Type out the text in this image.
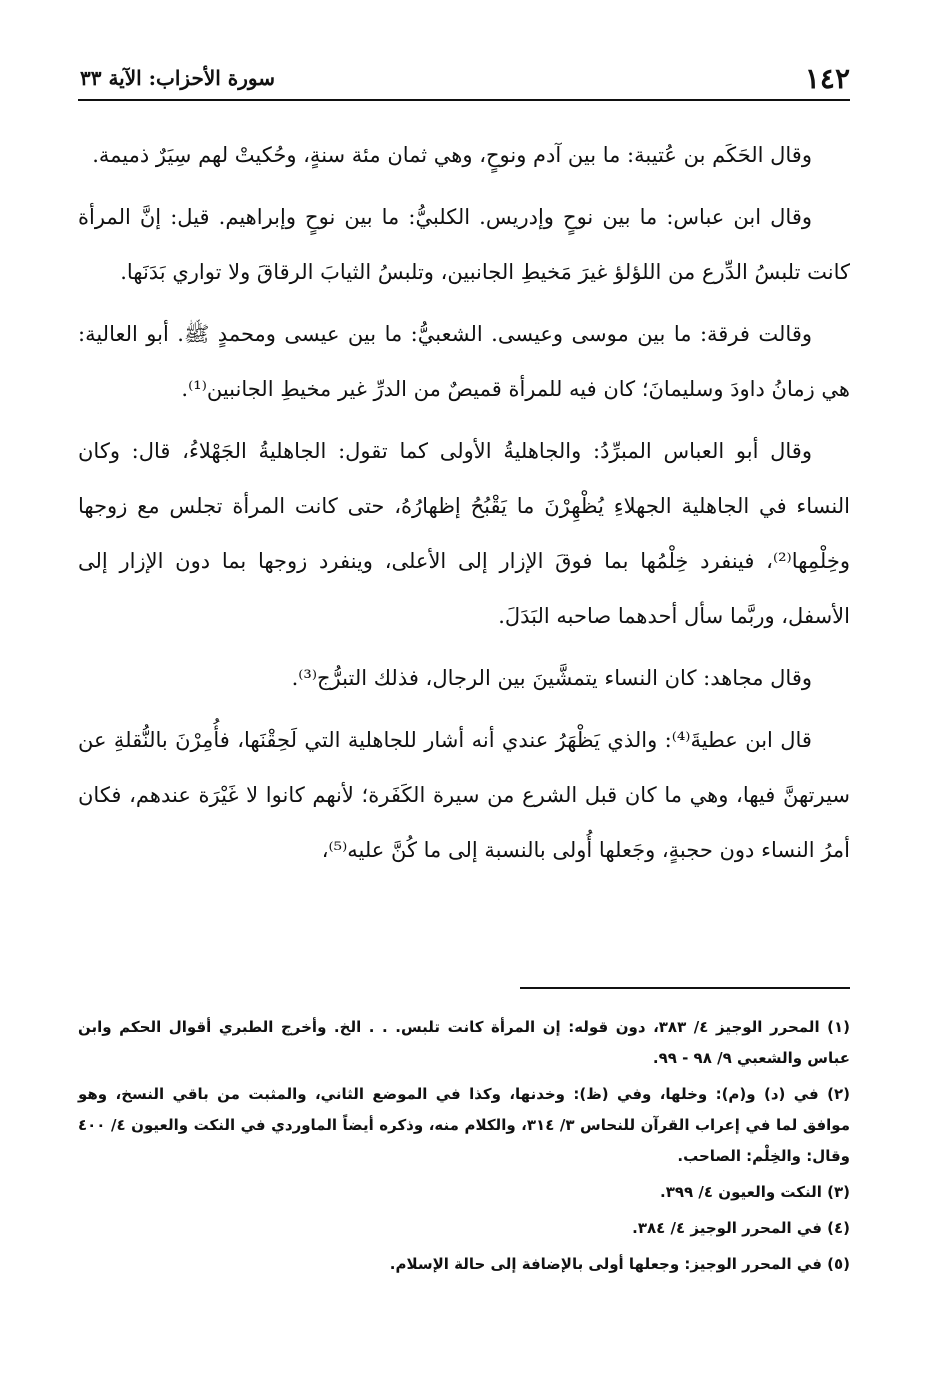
١٤٢
سورة الأحزاب: الآية ٣٣

وقال الحَكَم بن عُتيبة: ما بين آدم ونوحٍ، وهي ثمان مئة سنةٍ، وحُكيتْ لهم سِيَرٌ ذميمة.

وقال ابن عباس: ما بين نوحٍ وإدريس. الكلبيُّ: ما بين نوحٍ وإبراهيم. قيل: إنَّ المرأة كانت تلبسُ الدِّرع من اللؤلؤ غيرَ مَخيطِ الجانبين، وتلبسُ الثيابَ الرقاقَ ولا تواري بَدَنَها.

وقالت فرقة: ما بين موسى وعيسى. الشعبيُّ: ما بين عيسى ومحمدٍ ﷺ. أبو العالية: هي زمانُ داودَ وسليمانَ؛ كان فيه للمرأة قميصٌ من الدرِّ غير مخيطِ الجانبين⁽¹⁾.

وقال أبو العباس المبرِّدُ: والجاهليةُ الأولى كما تقول: الجاهليةُ الجَهْلاءُ، قال: وكان النساء في الجاهلية الجهلاءِ يُظْهِرْنَ ما يَقْبُحُ إظهارُهُ، حتى كانت المرأة تجلس مع زوجها وخِلْمِها⁽²⁾، فينفرد خِلْمُها بما فوقَ الإزار إلى الأعلى، وينفرد زوجها بما دون الإزار إلى الأسفل، وربَّما سأل أحدهما صاحبه البَدَلَ.

وقال مجاهد: كان النساء يتمشَّينَ بين الرجال، فذلك التبرُّج⁽³⁾.

قال ابن عطيةَ⁽⁴⁾: والذي يَظْهَرُ عندي أنه أشار للجاهلية التي لَحِقْنَها، فأُمِرْنَ بالنُّقلةِ عن سيرتهنَّ فيها، وهي ما كان قبل الشرع من سيرة الكَفَرة؛ لأنهم كانوا لا غَيْرَة عندهم، فكان أمرُ النساء دون حجبةٍ، وجَعلها أُولى بالنسبة إلى ما كُنَّ عليه⁽⁵⁾،

(١) المحرر الوجيز ٤/ ٣٨٣، دون قوله: إن المرأة كانت تلبس. . . الخ. وأخرج الطبري أقوال الحكم وابن عباس والشعبي ٩/ ٩٨ - ٩٩.

(٢) في (د) و(م): وخلها، وفي (ظ): وخدنها، وكذا في الموضع الثاني، والمثبت من باقي النسخ، وهو موافق لما في إعراب القرآن للنحاس ٣/ ٣١٤، والكلام منه، وذكره أيضاً الماوردي في النكت والعيون ٤/ ٤٠٠ وقال: والخِلْم: الصاحب.

(٣) النكت والعيون ٤/ ٣٩٩.

(٤) في المحرر الوجيز ٤/ ٣٨٤.

(٥) في المحرر الوجيز: وجعلها أولى بالإضافة إلى حالة الإسلام.
